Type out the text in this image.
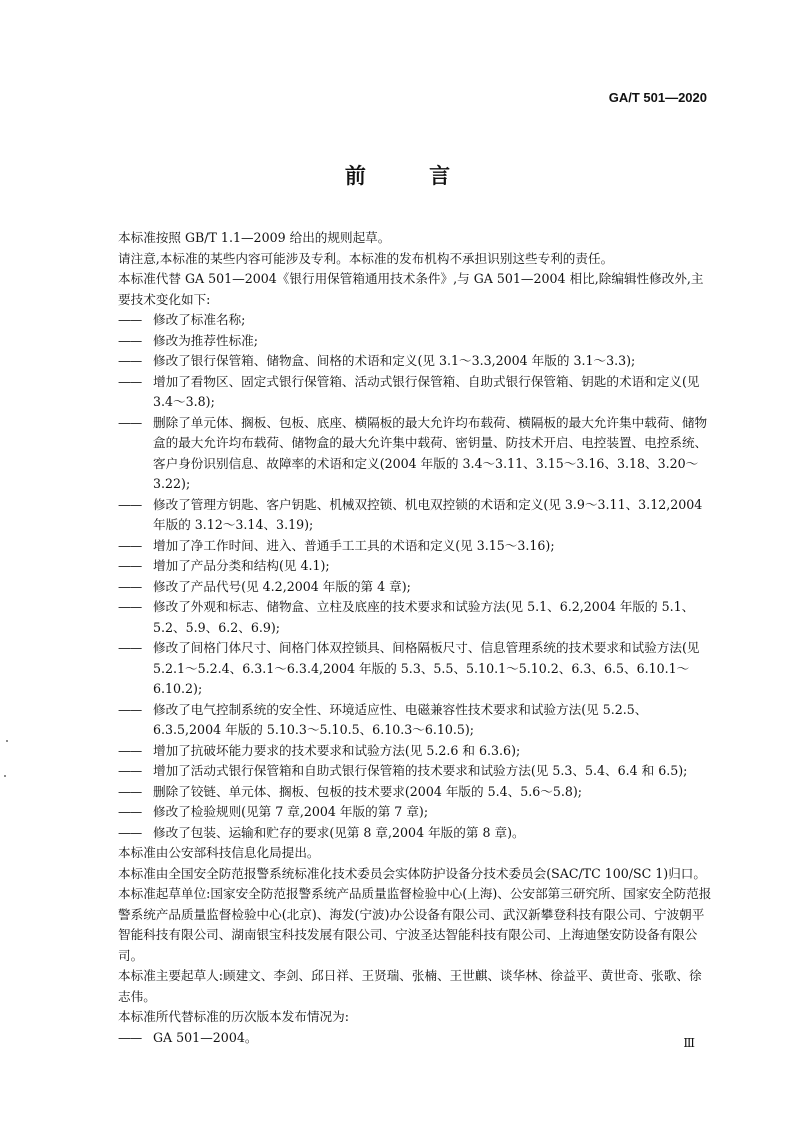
GA/T 501—2020
前 言

本标准按照 GB/T 1.1—2009 给出的规则起草。

请注意,本标准的某些内容可能涉及专利。本标准的发布机构不承担识别这些专利的责任。

本标准代替 GA 501—2004《银行用保管箱通用技术条件》,与 GA 501—2004 相比,除编辑性修改外,主要技术变化如下:

—— 修改了标准名称;
—— 修改为推荐性标准;
—— 修改了银行保管箱、储物盒、间格的术语和定义(见 3.1～3.3,2004 年版的 3.1～3.3);
—— 增加了看物区、固定式银行保管箱、活动式银行保管箱、自助式银行保管箱、钥匙的术语和定义(见 3.4～3.8);
—— 删除了单元体、搁板、包板、底座、横隔板的最大允许均布载荷、横隔板的最大允许集中载荷、储物盒的最大允许均布载荷、储物盒的最大允许集中载荷、密钥量、防技术开启、电控装置、电控系统、客户身份识别信息、故障率的术语和定义(2004 年版的 3.4～3.11、3.15～3.16、3.18、3.20～3.22);
—— 修改了管理方钥匙、客户钥匙、机械双控锁、机电双控锁的术语和定义(见 3.9～3.11、3.12,2004 年版的 3.12～3.14、3.19);
—— 增加了净工作时间、进入、普通手工工具的术语和定义(见 3.15～3.16);
—— 增加了产品分类和结构(见 4.1);
—— 修改了产品代号(见 4.2,2004 年版的第 4 章);
—— 修改了外观和标志、储物盒、立柱及底座的技术要求和试验方法(见 5.1、6.2,2004 年版的 5.1、5.2、5.9、6.2、6.9);
—— 修改了间格门体尺寸、间格门体双控锁具、间格隔板尺寸、信息管理系统的技术要求和试验方法(见 5.2.1～5.2.4、6.3.1～6.3.4,2004 年版的 5.3、5.5、5.10.1～5.10.2、6.3、6.5、6.10.1～6.10.2);
—— 修改了电气控制系统的安全性、环境适应性、电磁兼容性技术要求和试验方法(见 5.2.5、6.3.5,2004 年版的 5.10.3～5.10.5、6.10.3～6.10.5);
—— 增加了抗破坏能力要求的技术要求和试验方法(见 5.2.6 和 6.3.6);
—— 增加了活动式银行保管箱和自助式银行保管箱的技术要求和试验方法(见 5.3、5.4、6.4 和 6.5);
—— 删除了铰链、单元体、搁板、包板的技术要求(2004 年版的 5.4、5.6～5.8);
—— 修改了检验规则(见第 7 章,2004 年版的第 7 章);
—— 修改了包装、运输和贮存的要求(见第 8 章,2004 年版的第 8 章)。

本标准由公安部科技信息化局提出。

本标准由全国安全防范报警系统标准化技术委员会实体防护设备分技术委员会(SAC/TC 100/SC 1)归口。

本标准起草单位:国家安全防范报警系统产品质量监督检验中心(上海)、公安部第三研究所、国家安全防范报警系统产品质量监督检验中心(北京)、海发(宁波)办公设备有限公司、武汉新攀登科技有限公司、宁波朝平智能科技有限公司、湖南银宝科技发展有限公司、宁波圣达智能科技有限公司、上海迪堡安防设备有限公司。

本标准主要起草人:顾建文、李剑、邱日祥、王贤瑞、张楠、王世麒、谈华林、徐益平、黄世奇、张歌、徐志伟。

本标准所代替标准的历次版本发布情况为:

—— GA 501—2004。	Ⅲ
